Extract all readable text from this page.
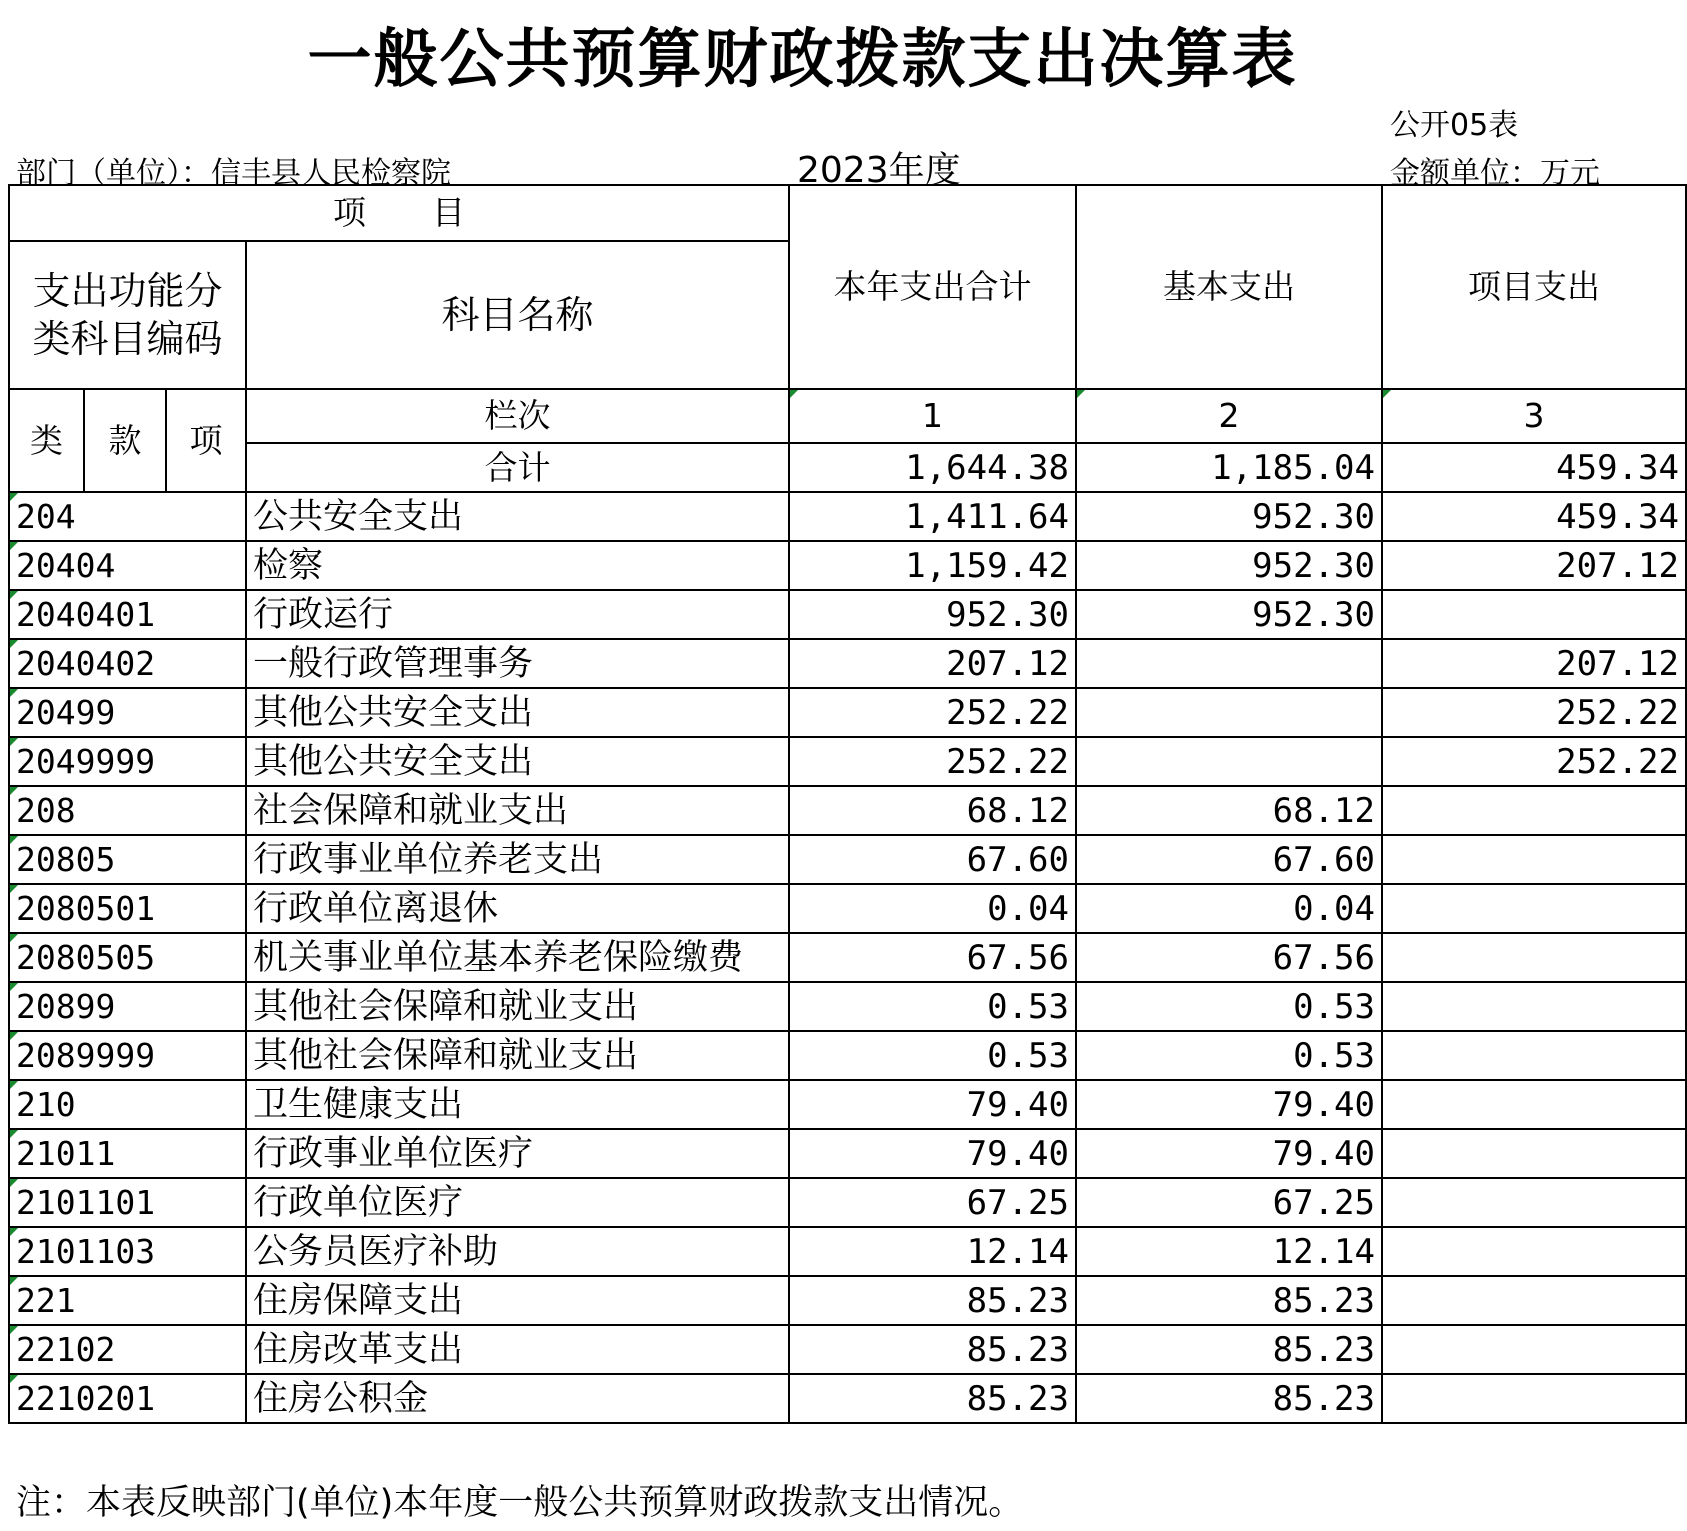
一般公共预算财政拨款支出决算表
公开05表
部门（单位）：信丰县人民检察院	2023年度	金额单位：万元
项　　目				本年支出合计	基本支出	项目支出
支出功能分类科目编码			科目名称			
类	款	项	栏次	1	2	3
			合计	1,644.38	1,185.04	459.34
204			公共安全支出	1,411.64	952.30	459.34
20404			检察	1,159.42	952.30	207.12
2040401			行政运行	952.30	952.30	
2040402			一般行政管理事务	207.12		207.12
20499			其他公共安全支出	252.22		252.22
2049999			其他公共安全支出	252.22		252.22
208			社会保障和就业支出	68.12	68.12	
20805			行政事业单位养老支出	67.60	67.60	
2080501			行政单位离退休	0.04	0.04	
2080505			机关事业单位基本养老保险缴费	67.56	67.56	
20899			其他社会保障和就业支出	0.53	0.53	
2089999			其他社会保障和就业支出	0.53	0.53	
210			卫生健康支出	79.40	79.40	
21011			行政事业单位医疗	79.40	79.40	
2101101			行政单位医疗	67.25	67.25	
2101103			公务员医疗补助	12.14	12.14	
221			住房保障支出	85.23	85.23	
22102			住房改革支出	85.23	85.23	
2210201			住房公积金	85.23	85.23	
注：本表反映部门(单位)本年度一般公共预算财政拨款支出情况。
